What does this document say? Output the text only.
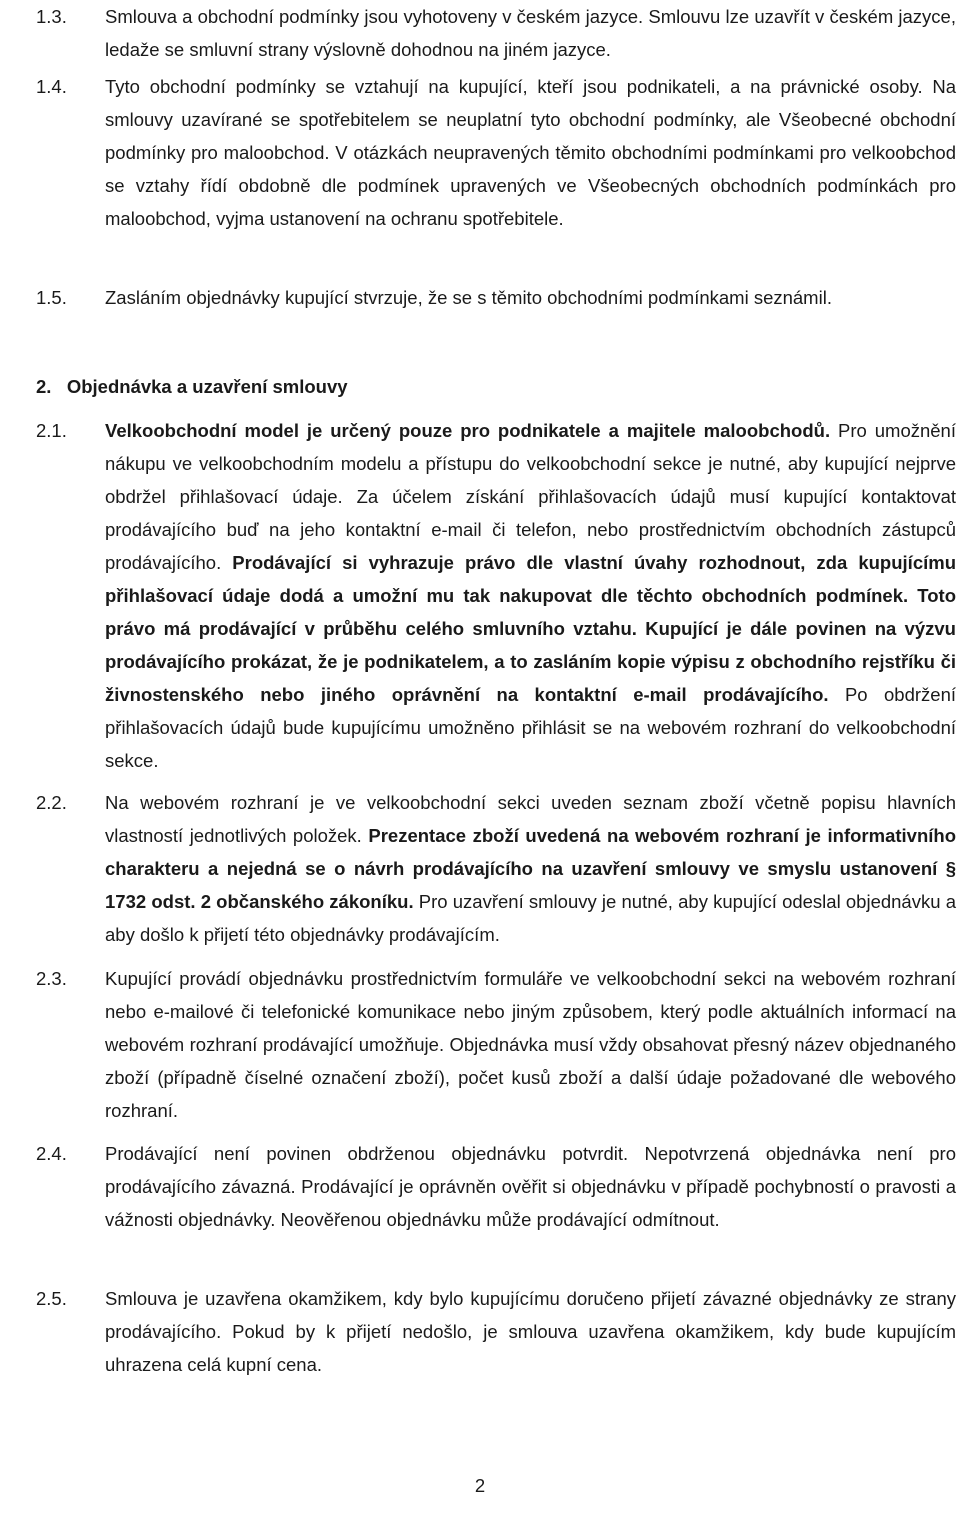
1.3. Smlouva a obchodní podmínky jsou vyhotoveny v českém jazyce. Smlouvu lze uzavřít v českém jazyce, ledaže se smluvní strany výslovně dohodnou na jiném jazyce.
1.4. Tyto obchodní podmínky se vztahují na kupující, kteří jsou podnikateli, a na právnické osoby. Na smlouvy uzavírané se spotřebitelem se neuplatní tyto obchodní podmínky, ale Všeobecné obchodní podmínky pro maloobchod. V otázkách neupravených těmito obchodními podmínkami pro velkoobchod se vztahy řídí obdobně dle podmínek upravených ve Všeobecných obchodních podmínkách pro maloobchod, vyjma ustanovení na ochranu spotřebitele.
1.5. Zasláním objednávky kupující stvrzuje, že se s těmito obchodními podmínkami seznámil.
2.   Objednávka a uzavření smlouvy
2.1. Velkoobchodní model je určený pouze pro podnikatele a majitele maloobchodů. Pro umožnění nákupu ve velkoobchodním modelu a přístupu do velkoobchodní sekce je nutné, aby kupující nejprve obdržel přihlašovací údaje. Za účelem získání přihlašovacích údajů musí kupující kontaktovat prodávajícího buď na jeho kontaktní e-mail či telefon, nebo prostřednictvím obchodních zástupců prodávajícího. Prodávající si vyhrazuje právo dle vlastní úvahy rozhodnout, zda kupujícímu přihlašovací údaje dodá a umožní mu tak nakupovat dle těchto obchodních podmínek. Toto právo má prodávající v průběhu celého smluvního vztahu. Kupující je dále povinen na výzvu prodávajícího prokázat, že je podnikatelem, a to zasláním kopie výpisu z obchodního rejstříku či živnostenského nebo jiného oprávnění na kontaktní e-mail prodávajícího. Po obdržení přihlašovacích údajů bude kupujícímu umožněno přihlásit se na webovém rozhraní do velkoobchodní sekce.
2.2. Na webovém rozhraní je ve velkoobchodní sekci uveden seznam zboží včetně popisu hlavních vlastností jednotlivých položek. Prezentace zboží uvedená na webovém rozhraní je informativního charakteru a nejedná se o návrh prodávajícího na uzavření smlouvy ve smyslu ustanovení § 1732 odst. 2 občanského zákoníku. Pro uzavření smlouvy je nutné, aby kupující odeslal objednávku a aby došlo k přijetí této objednávky prodávajícím.
2.3. Kupující provádí objednávku prostřednictvím formuláře ve velkoobchodní sekci na webovém rozhraní nebo e-mailové či telefonické komunikace nebo jiným způsobem, který podle aktuálních informací na webovém rozhraní prodávající umožňuje. Objednávka musí vždy obsahovat přesný název objednaného zboží (případně číselné označení zboží), počet kusů zboží a další údaje požadované dle webového rozhraní.
2.4. Prodávající není povinen obdrženou objednávku potvrdit. Nepotvrzená objednávka není pro prodávajícího závazná. Prodávající je oprávněn ověřit si objednávku v případě pochybností o pravosti a vážnosti objednávky. Neověřenou objednávku může prodávající odmítnout.
2.5. Smlouva je uzavřena okamžikem, kdy bylo kupujícímu doručeno přijetí závazné objednávky ze strany prodávajícího. Pokud by k přijetí nedošlo, je smlouva uzavřena okamžikem, kdy bude kupujícím uhrazena celá kupní cena.
2
